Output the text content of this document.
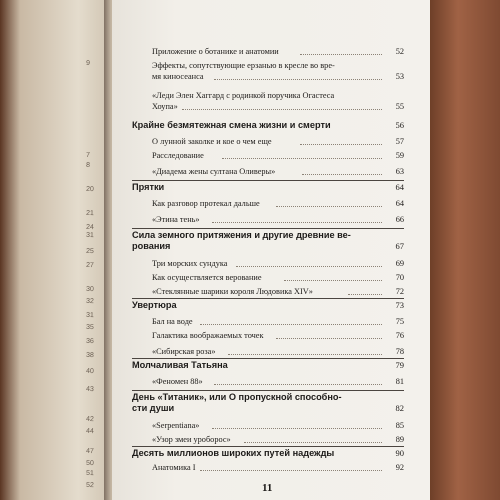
9
7
8
20
21
24
31
25
27
30
32
31
35
36
38
40
43
42
44
47
50
51
52
Приложение о ботанике и анатомии	52
Эффекты, сопутствующие ерзанью в кресле во вре-
мя киносеанса	53
«Леди Элен Хаггард с родинкой поручика Огастеса
Хоупа»	55
Крайне безмятежная смена жизни и смерти	56
О лунной заколке и кое о чем еще	57
Расследование	59
«Диадема жены султана Оливеры»	63
Прятки	64
Как разговор протекал дальше	64
«Этина тень»	66
Сила земного притяжения и другие древние ве-
рования	67
Три морских сундука	69
Как осуществляется верование	70
«Стеклянные шарики короля Людовика XIV»	72
Увертюра	73
Бал на воде	75
Галактика воображаемых точек	76
«Сибирская роза»	78
Молчаливая Татьяна	79
«Феномен 88»	81
День «Титаник», или О пропускной способно-
сти души	82
«Serpentiana»	85
«Узор змеи уроборос»	89
Десять миллионов широких путей надежды	90
Анатомика I	92
11
